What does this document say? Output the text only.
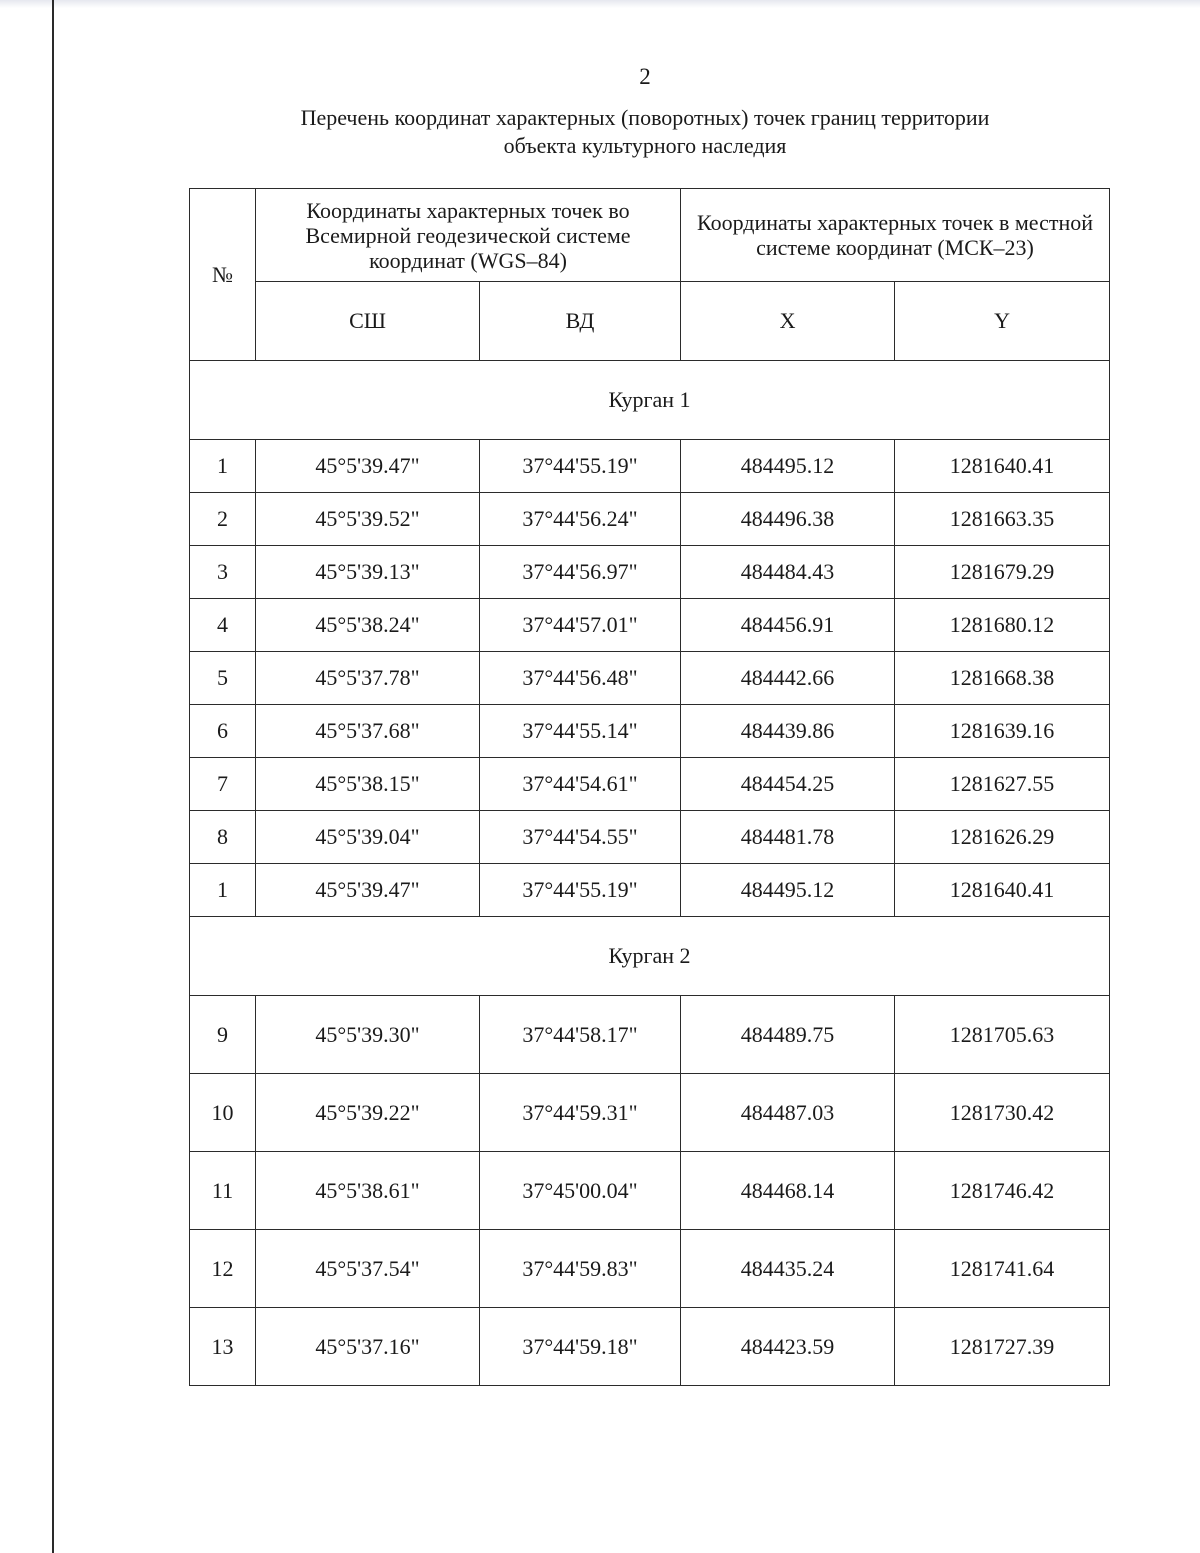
2
Перечень координат характерных (поворотных) точек границ территории
объекта культурного наследия
№	Координаты характерных точек во Всемирной геодезической системе координат (WGS–84)		Координаты характерных точек в местной системе координат (МСК–23)	
	СШ	ВД	X	Y
Курган 1				
1	45°5'39.47"	37°44'55.19"	484495.12	1281640.41
2	45°5'39.52"	37°44'56.24"	484496.38	1281663.35
3	45°5'39.13"	37°44'56.97"	484484.43	1281679.29
4	45°5'38.24"	37°44'57.01"	484456.91	1281680.12
5	45°5'37.78"	37°44'56.48"	484442.66	1281668.38
6	45°5'37.68"	37°44'55.14"	484439.86	1281639.16
7	45°5'38.15"	37°44'54.61"	484454.25	1281627.55
8	45°5'39.04"	37°44'54.55"	484481.78	1281626.29
1	45°5'39.47"	37°44'55.19"	484495.12	1281640.41
Курган 2				
9	45°5'39.30"	37°44'58.17"	484489.75	1281705.63
10	45°5'39.22"	37°44'59.31"	484487.03	1281730.42
11	45°5'38.61"	37°45'00.04"	484468.14	1281746.42
12	45°5'37.54"	37°44'59.83"	484435.24	1281741.64
13	45°5'37.16"	37°44'59.18"	484423.59	1281727.39
